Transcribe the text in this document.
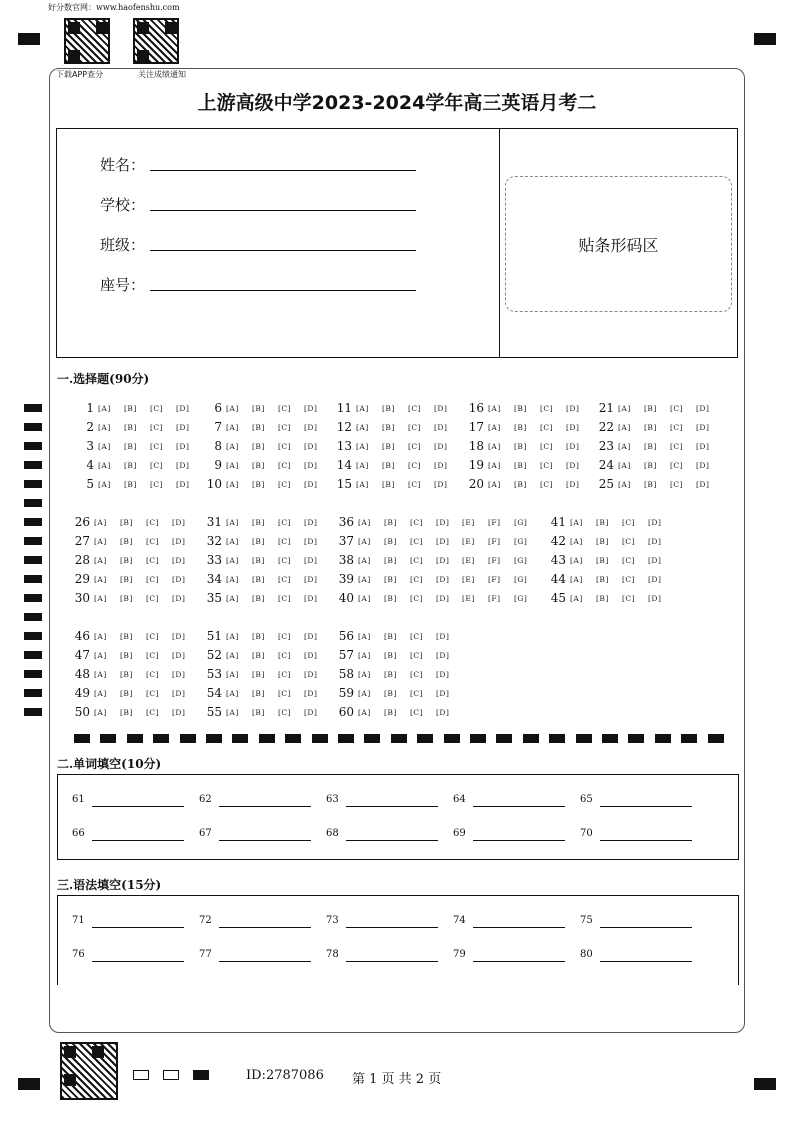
好分数官网：www.haofenshu.com
下载APP查分	关注成绩通知
上游高级中学2023-2024学年高三英语月考二
姓名：
学校：
班级：
座号：
贴条形码区
一.选择题(90分)
1 [A]	[B]	[C]	[D]
2 [A]	[B]	[C]	[D]
3 [A]	[B]	[C]	[D]
4 [A]	[B]	[C]	[D]
5 [A]	[B]	[C]	[D]
6 [A]	[B]	[C]	[D]
7 [A]	[B]	[C]	[D]
8 [A]	[B]	[C]	[D]
9 [A]	[B]	[C]	[D]
10 [A]	[B]	[C]	[D]
11 [A]	[B]	[C]	[D]
12 [A]	[B]	[C]	[D]
13 [A]	[B]	[C]	[D]
14 [A]	[B]	[C]	[D]
15 [A]	[B]	[C]	[D]
16 [A]	[B]	[C]	[D]
17 [A]	[B]	[C]	[D]
18 [A]	[B]	[C]	[D]
19 [A]	[B]	[C]	[D]
20 [A]	[B]	[C]	[D]
21 [A]	[B]	[C]	[D]
22 [A]	[B]	[C]	[D]
23 [A]	[B]	[C]	[D]
24 [A]	[B]	[C]	[D]
25 [A]	[B]	[C]	[D]
26 [A]	[B]	[C]	[D]
27 [A]	[B]	[C]	[D]
28 [A]	[B]	[C]	[D]
29 [A]	[B]	[C]	[D]
30 [A]	[B]	[C]	[D]
31 [A]	[B]	[C]	[D]
32 [A]	[B]	[C]	[D]
33 [A]	[B]	[C]	[D]
34 [A]	[B]	[C]	[D]
35 [A]	[B]	[C]	[D]
36 [A]	[B]	[C]	[D]	[E]	[F]	[G]
37 [A]	[B]	[C]	[D]	[E]	[F]	[G]
38 [A]	[B]	[C]	[D]	[E]	[F]	[G]
39 [A]	[B]	[C]	[D]	[E]	[F]	[G]
40 [A]	[B]	[C]	[D]	[E]	[F]	[G]
41 [A]	[B]	[C]	[D]
42 [A]	[B]	[C]	[D]
43 [A]	[B]	[C]	[D]
44 [A]	[B]	[C]	[D]
45 [A]	[B]	[C]	[D]
46 [A]	[B]	[C]	[D]
47 [A]	[B]	[C]	[D]
48 [A]	[B]	[C]	[D]
49 [A]	[B]	[C]	[D]
50 [A]	[B]	[C]	[D]
51 [A]	[B]	[C]	[D]
52 [A]	[B]	[C]	[D]
53 [A]	[B]	[C]	[D]
54 [A]	[B]	[C]	[D]
55 [A]	[B]	[C]	[D]
56 [A]	[B]	[C]	[D]
57 [A]	[B]	[C]	[D]
58 [A]	[B]	[C]	[D]
59 [A]	[B]	[C]	[D]
60 [A]	[B]	[C]	[D]
二.单词填空(10分)
61	62	63	64	65
66	67	68	69	70
三.语法填空(15分)
71	72	73	74	75
76	77	78	79	80
ID:2787086 第 1 页 共 2 页
